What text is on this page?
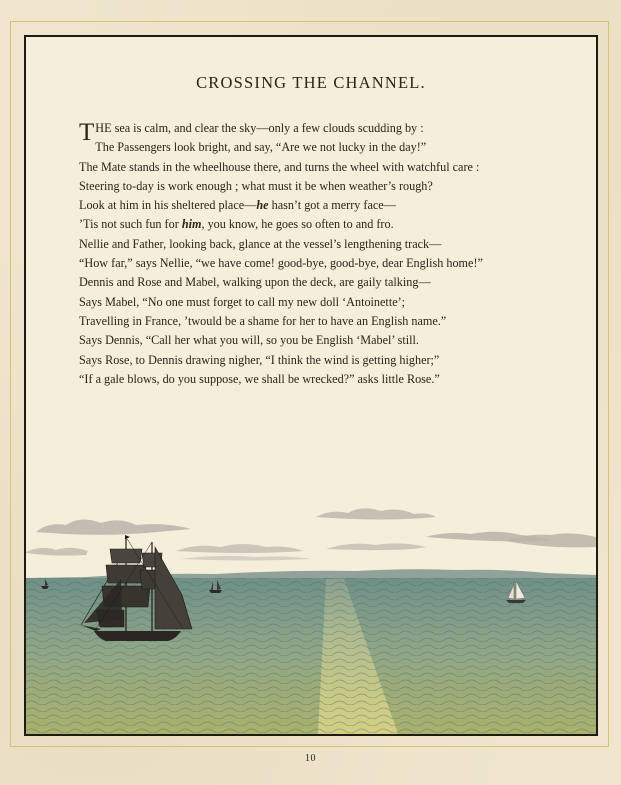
CROSSING THE CHANNEL.
T HE sea is calm, and clear the sky—only a few clouds scudding by :
The Passengers look bright, and say, “Are we not lucky in the day!”
The Mate stands in the wheelhouse there, and turns the wheel with watchful care :
Steering to-day is work enough ; what must it be when weather’s rough?
Look at him in his sheltered place—he hasn’t got a merry face—
’Tis not such fun for him, you know, he goes so often to and fro.
Nellie and Father, looking back, glance at the vessel’s lengthening track—
“How far,” says Nellie, “we have come! good-bye, good-bye, dear English home!”
Dennis and Rose and Mabel, walking upon the deck, are gaily talking—
Says Mabel, “No one must forget to call my new doll ‘Antoinette’;
Travelling in France, ’twould be a shame for her to have an English name.”
Says Dennis, “Call her what you will, so you be English ‘Mabel’ still.
Says Rose, to Dennis drawing nigher, “I think the wind is getting higher;”
“If a gale blows, do you suppose, we shall be wrecked?” asks little Rose.”
10
